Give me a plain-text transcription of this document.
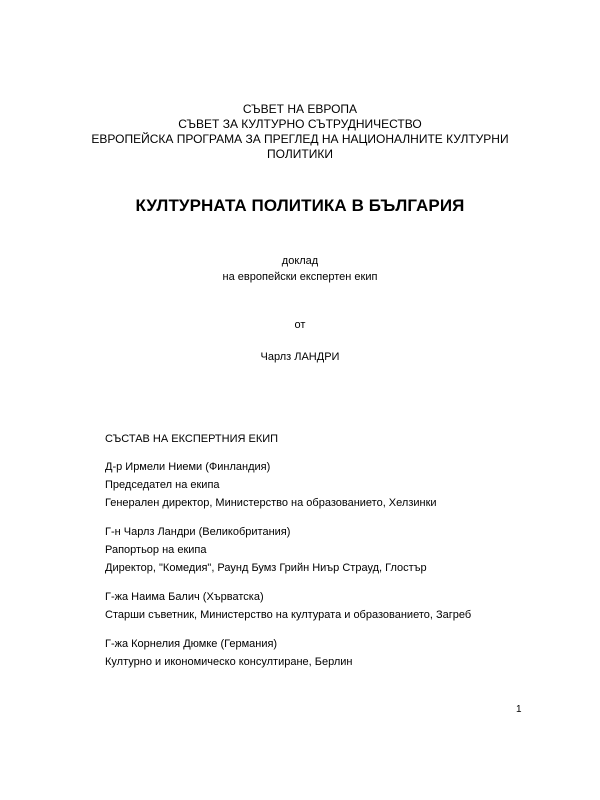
СЪВЕТ НА ЕВРОПА
СЪВЕТ ЗА КУЛТУРНО СЪТРУДНИЧЕСТВО
ЕВРОПЕЙСКА ПРОГРАМА ЗА ПРЕГЛЕД НА НАЦИОНАЛНИТЕ КУЛТУРНИ
ПОЛИТИКИ
КУЛТУРНАТА ПОЛИТИКА В БЪЛГАРИЯ
доклад
на европейски експертен екип
от
Чарлз ЛАНДРИ
СЪСТАВ НА ЕКСПЕРТНИЯ ЕКИП
Д-р Ирмели Ниеми (Финландия)
Председател на екипа
Генерален директор, Министерство на образованието, Хелзинки
Г-н Чарлз Ландри (Великобритания)
Рапортьор на екипа
Директор, "Комедия", Раунд Бумз Грийн Ниър Страуд, Глостър
Г-жа Наима Балич (Хърватска)
Старши съветник, Министерство на културата и образованието, Загреб
Г-жа Корнелия Дюмке (Германия)
Културно и икономическо консултиране, Берлин
1
